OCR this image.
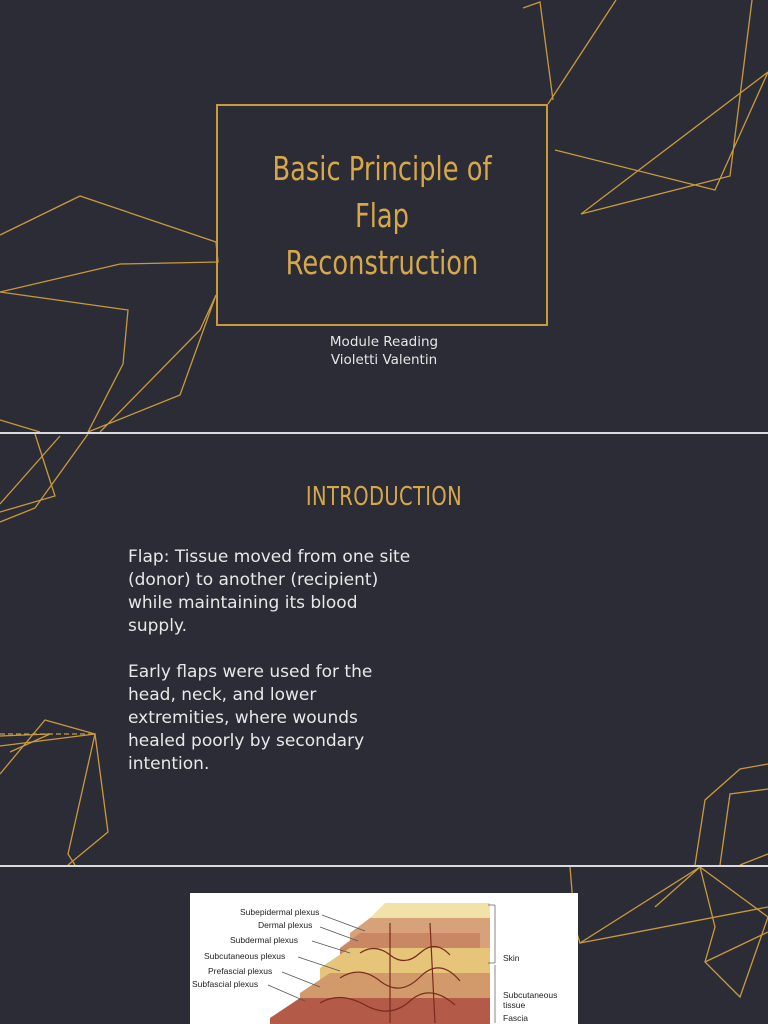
Basic Principle of
Flap
Reconstruction
Module Reading
Violetti Valentin
INTRODUCTION

Flap: Tissue moved from one site (donor) to another (recipient) while maintaining its blood supply.

Early flaps were used for the head, neck, and lower extremities, where wounds healed poorly by secondary intention.

Subepidermal plexus
Dermal plexus
Subdermal plexus
Subcutaneous plexus
Prefascial plexus
Subfascial plexus
Skin
Subcutaneous
tissue
Fascia
